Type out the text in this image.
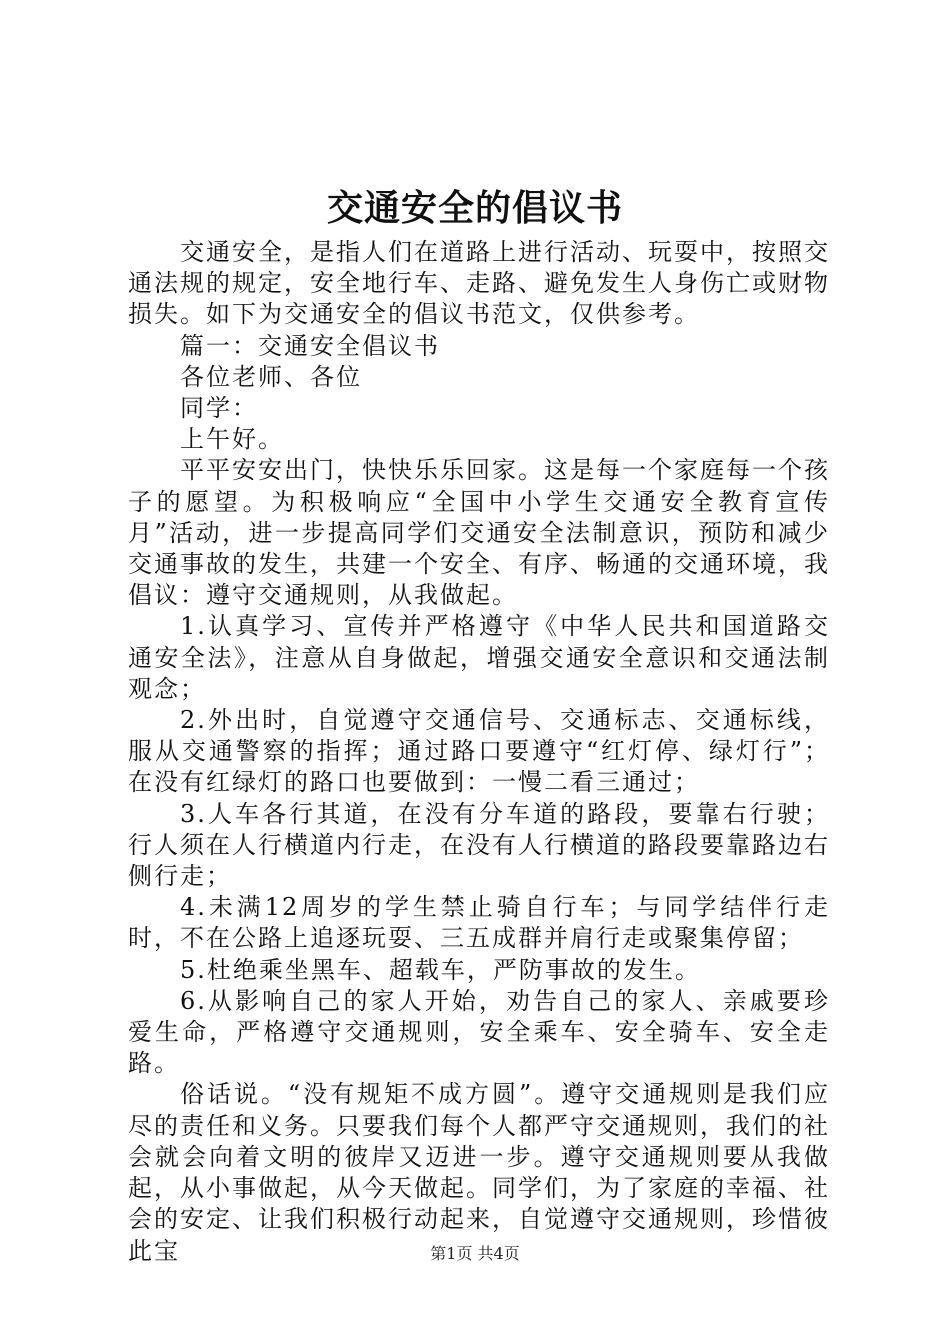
交通安全的倡议书

交通安全，是指人们在道路上进行活动、玩耍中，按照交通法规的规定，安全地行车、走路、避免发生人身伤亡或财物损失。如下为交通安全的倡议书范文，仅供参考。

篇一：交通安全倡议书

各位老师、各位

同学：

上午好。

平平安安出门，快快乐乐回家。这是每一个家庭每一个孩子的愿望。为积极响应“全国中小学生交通安全教育宣传月”活动，进一步提高同学们交通安全法制意识，预防和减少交通事故的发生，共建一个安全、有序、畅通的交通环境，我倡议：遵守交通规则，从我做起。

1.认真学习、宣传并严格遵守《中华人民共和国道路交通安全法》，注意从自身做起，增强交通安全意识和交通法制观念；

2.外出时，自觉遵守交通信号、交通标志、交通标线，服从交通警察的指挥；通过路口要遵守“红灯停、绿灯行”；在没有红绿灯的路口也要做到：一慢二看三通过；

3.人车各行其道，在没有分车道的路段，要靠右行驶；行人须在人行横道内行走，在没有人行横道的路段要靠路边右侧行走；

4.未满12周岁的学生禁止骑自行车；与同学结伴行走时，不在公路上追逐玩耍、三五成群并肩行走或聚集停留；

5.杜绝乘坐黑车、超载车，严防事故的发生。

6.从影响自己的家人开始，劝告自己的家人、亲戚要珍爱生命，严格遵守交通规则，安全乘车、安全骑车、安全走路。

俗话说。“没有规矩不成方圆”。遵守交通规则是我们应尽的责任和义务。只要我们每个人都严守交通规则，我们的社会就会向着文明的彼岸又迈进一步。遵守交通规则要从我做起，从小事做起，从今天做起。同学们，为了家庭的幸福、社会的安定、让我们积极行动起来，自觉遵守交通规则，珍惜彼此宝	第1页 共4页
